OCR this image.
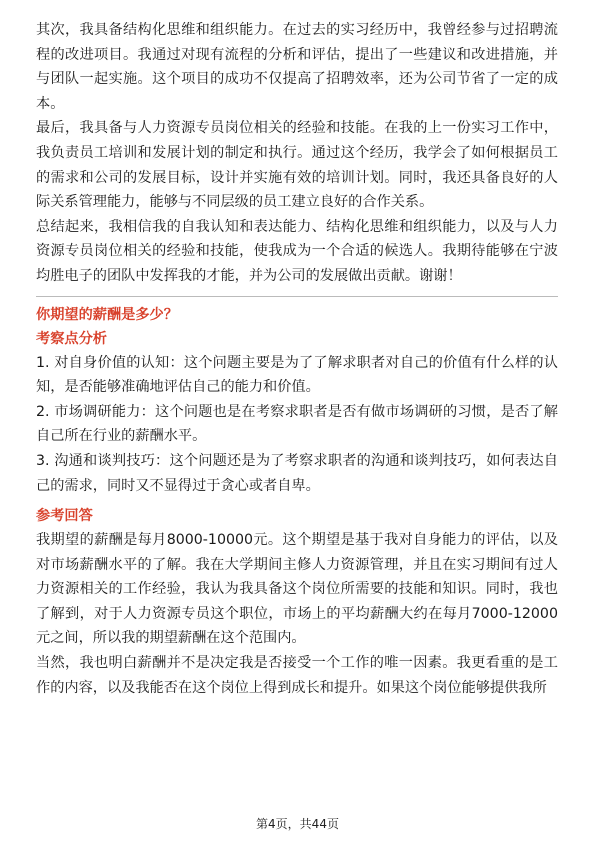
其次，我具备结构化思维和组织能力。在过去的实习经历中，我曾经参与过招聘流程的改进项目。我通过对现有流程的分析和评估，提出了一些建议和改进措施，并与团队一起实施。这个项目的成功不仅提高了招聘效率，还为公司节省了一定的成本。

最后，我具备与人力资源专员岗位相关的经验和技能。在我的上一份实习工作中，我负责员工培训和发展计划的制定和执行。通过这个经历，我学会了如何根据员工的需求和公司的发展目标，设计并实施有效的培训计划。同时，我还具备良好的人际关系管理能力，能够与不同层级的员工建立良好的合作关系。

总结起来，我相信我的自我认知和表达能力、结构化思维和组织能力，以及与人力资源专员岗位相关的经验和技能，使我成为一个合适的候选人。我期待能够在宁波均胜电子的团队中发挥我的才能，并为公司的发展做出贡献。谢谢！

你期望的薪酬是多少？
考察点分析

1. 对自身价值的认知：这个问题主要是为了了解求职者对自己的价值有什么样的认知，是否能够准确地评估自己的能力和价值。

2. 市场调研能力：这个问题也是在考察求职者是否有做市场调研的习惯，是否了解自己所在行业的薪酬水平。

3. 沟通和谈判技巧：这个问题还是为了考察求职者的沟通和谈判技巧，如何表达自己的需求，同时又不显得过于贪心或者自卑。

参考回答

我期望的薪酬是每月8000-10000元。这个期望是基于我对自身能力的评估，以及对市场薪酬水平的了解。我在大学期间主修人力资源管理，并且在实习期间有过人力资源相关的工作经验，我认为我具备这个岗位所需要的技能和知识。同时，我也了解到，对于人力资源专员这个职位，市场上的平均薪酬大约在每月7000-12000元之间，所以我的期望薪酬在这个范围内。

当然，我也明白薪酬并不是决定我是否接受一个工作的唯一因素。我更看重的是工作的内容，以及我能否在这个岗位上得到成长和提升。如果这个岗位能够提供我所

第4页，共44页
